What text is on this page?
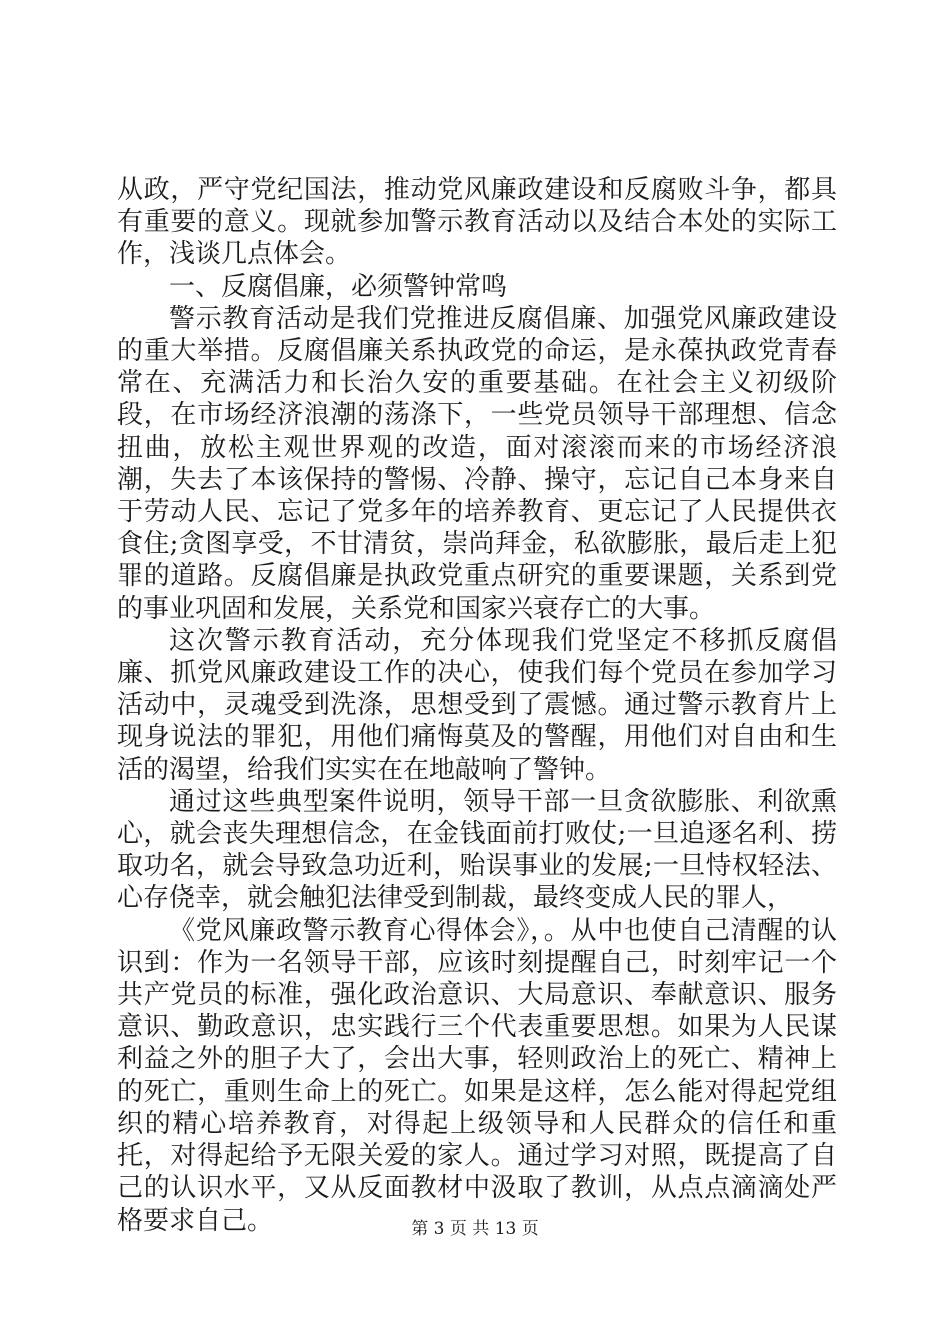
从政，严守党纪国法，推动党风廉政建设和反腐败斗争，都具有重要的意义。现就参加警示教育活动以及结合本处的实际工作，浅谈几点体会。

一、反腐倡廉，必须警钟常鸣

警示教育活动是我们党推进反腐倡廉、加强党风廉政建设的重大举措。反腐倡廉关系执政党的命运，是永葆执政党青春常在、充满活力和长治久安的重要基础。在社会主义初级阶段，在市场经济浪潮的荡涤下，一些党员领导干部理想、信念扭曲，放松主观世界观的改造，面对滚滚而来的市场经济浪潮，失去了本该保持的警惕、冷静、操守，忘记自己本身来自于劳动人民、忘记了党多年的培养教育、更忘记了人民提供衣食住;贪图享受，不甘清贫，崇尚拜金，私欲膨胀，最后走上犯罪的道路。反腐倡廉是执政党重点研究的重要课题，关系到党的事业巩固和发展，关系党和国家兴衰存亡的大事。

这次警示教育活动，充分体现我们党坚定不移抓反腐倡廉、抓党风廉政建设工作的决心，使我们每个党员在参加学习活动中，灵魂受到洗涤，思想受到了震憾。通过警示教育片上现身说法的罪犯，用他们痛悔莫及的警醒，用他们对自由和生活的渴望，给我们实实在在地敲响了警钟。

通过这些典型案件说明，领导干部一旦贪欲膨胀、利欲熏心，就会丧失理想信念，在金钱面前打败仗;一旦追逐名利、捞取功名，就会导致急功近利，贻误事业的发展;一旦恃权轻法、心存侥幸，就会触犯法律受到制裁，最终变成人民的罪人，

《党风廉政警示教育心得体会》，。从中也使自己清醒的认识到：作为一名领导干部，应该时刻提醒自己，时刻牢记一个共产党员的标准，强化政治意识、大局意识、奉献意识、服务意识、勤政意识，忠实践行三个代表重要思想。如果为人民谋利益之外的胆子大了，会出大事，轻则政治上的死亡、精神上的死亡，重则生命上的死亡。如果是这样，怎么能对得起党组织的精心培养教育，对得起上级领导和人民群众的信任和重托，对得起给予无限关爱的家人。通过学习对照，既提高了自己的认识水平，又从反面教材中汲取了教训，从点点滴滴处严格要求自己。	第 3 页 共 13 页
